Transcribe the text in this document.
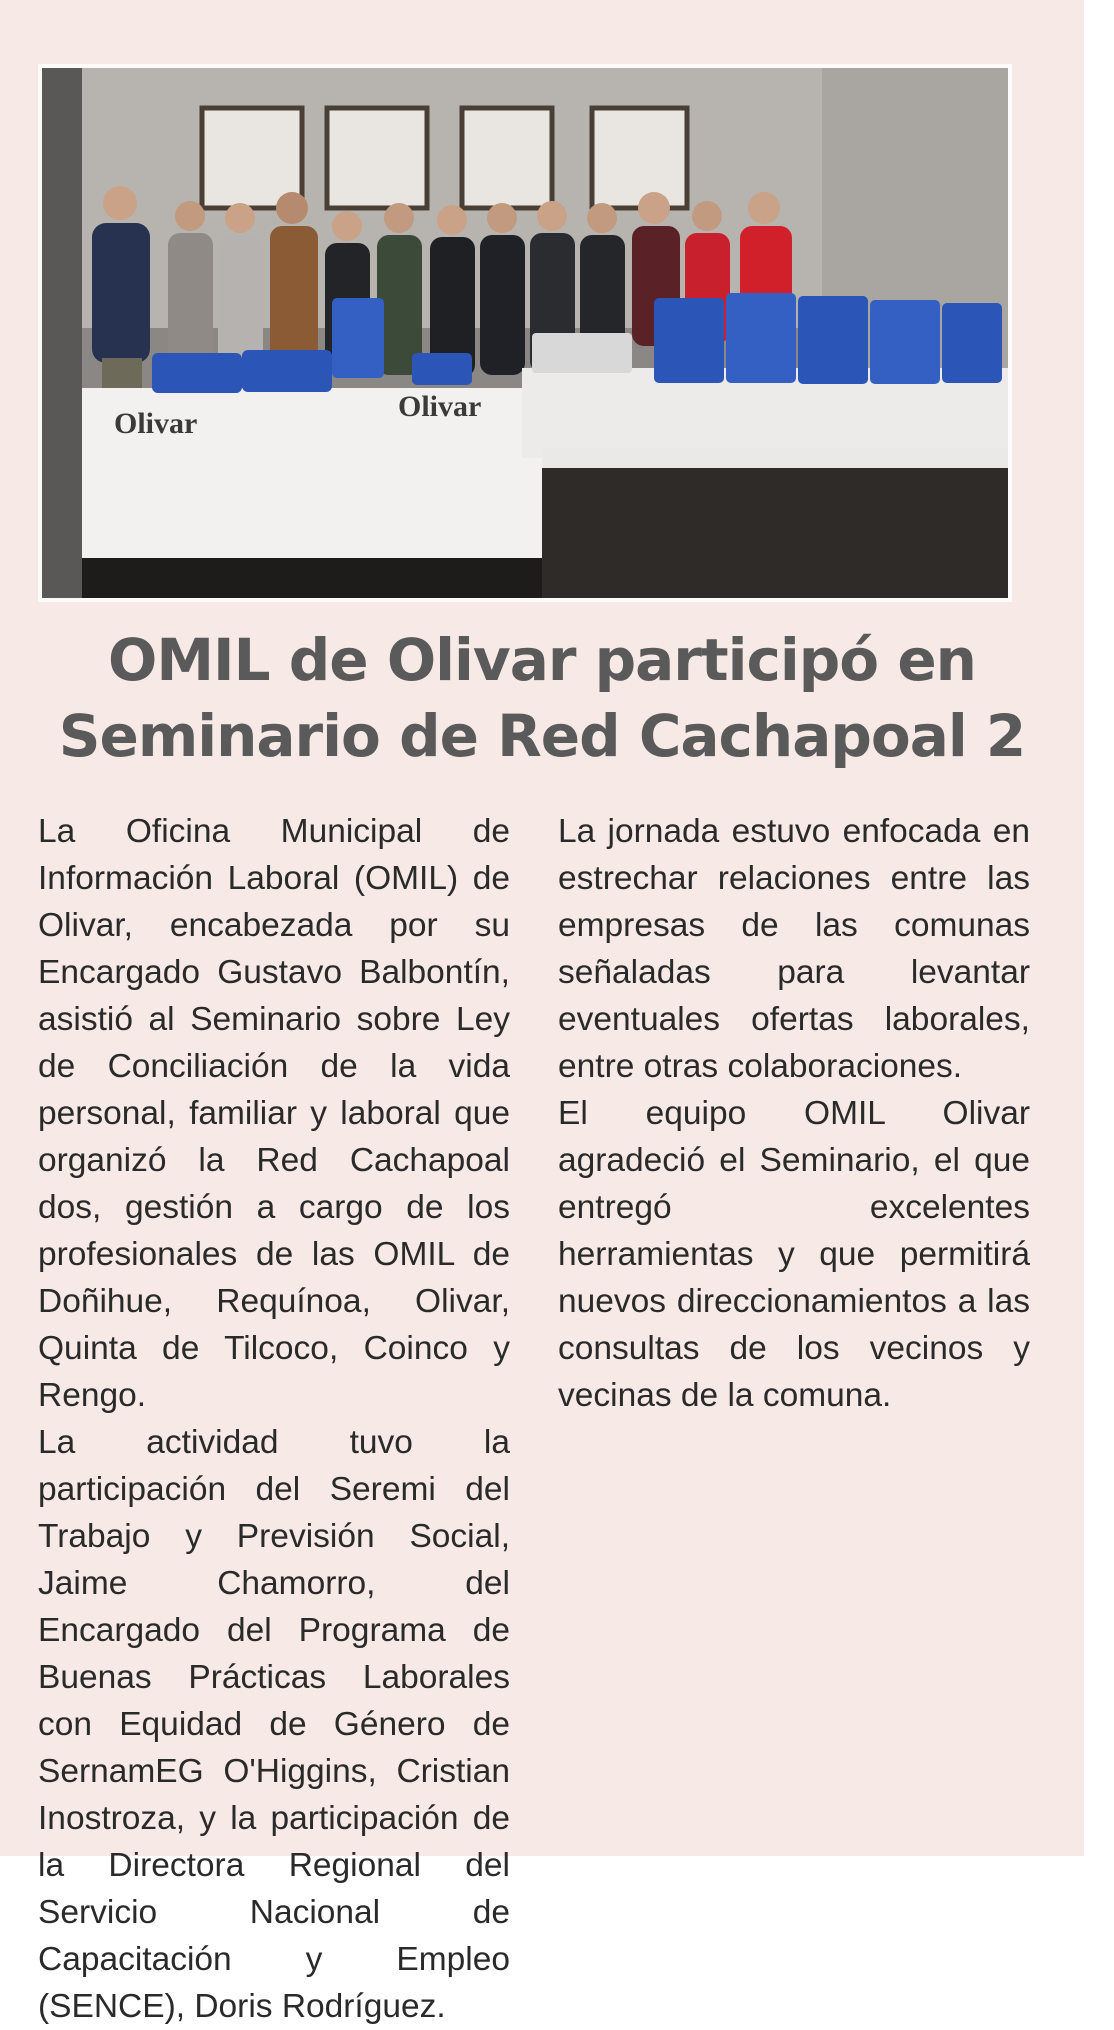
Olivar
Olivar
OMIL de Olivar participó en Seminario de Red Cachapoal 2

La Oficina Municipal de Información Laboral (OMIL) de Olivar, encabezada por su Encargado Gustavo Balbontín, asistió al Seminario sobre Ley de Conciliación de la vida personal, familiar y laboral que organizó la Red Cachapoal dos, gestión a cargo de los profesionales de las OMIL de Doñihue, Requínoa, Olivar, Quinta de Tilcoco, Coinco y Rengo.

La actividad tuvo la participación del Seremi del Trabajo y Previsión Social, Jaime Chamorro, del Encargado del Programa de Buenas Prácticas Laborales con Equidad de Género de SernamEG O'Higgins, Cristian Inostroza, y la participación de la Directora Regional del Servicio Nacional de Capacitación y Empleo (SENCE), Doris Rodríguez.

La jornada estuvo enfocada en estrechar relaciones entre las empresas de las comunas señaladas para levantar eventuales ofertas laborales, entre otras colaboraciones.

El equipo OMIL Olivar agradeció el Seminario, el que entregó excelentes herramientas y que permitirá nuevos direccionamientos a las consultas de los vecinos y vecinas de la comuna.
